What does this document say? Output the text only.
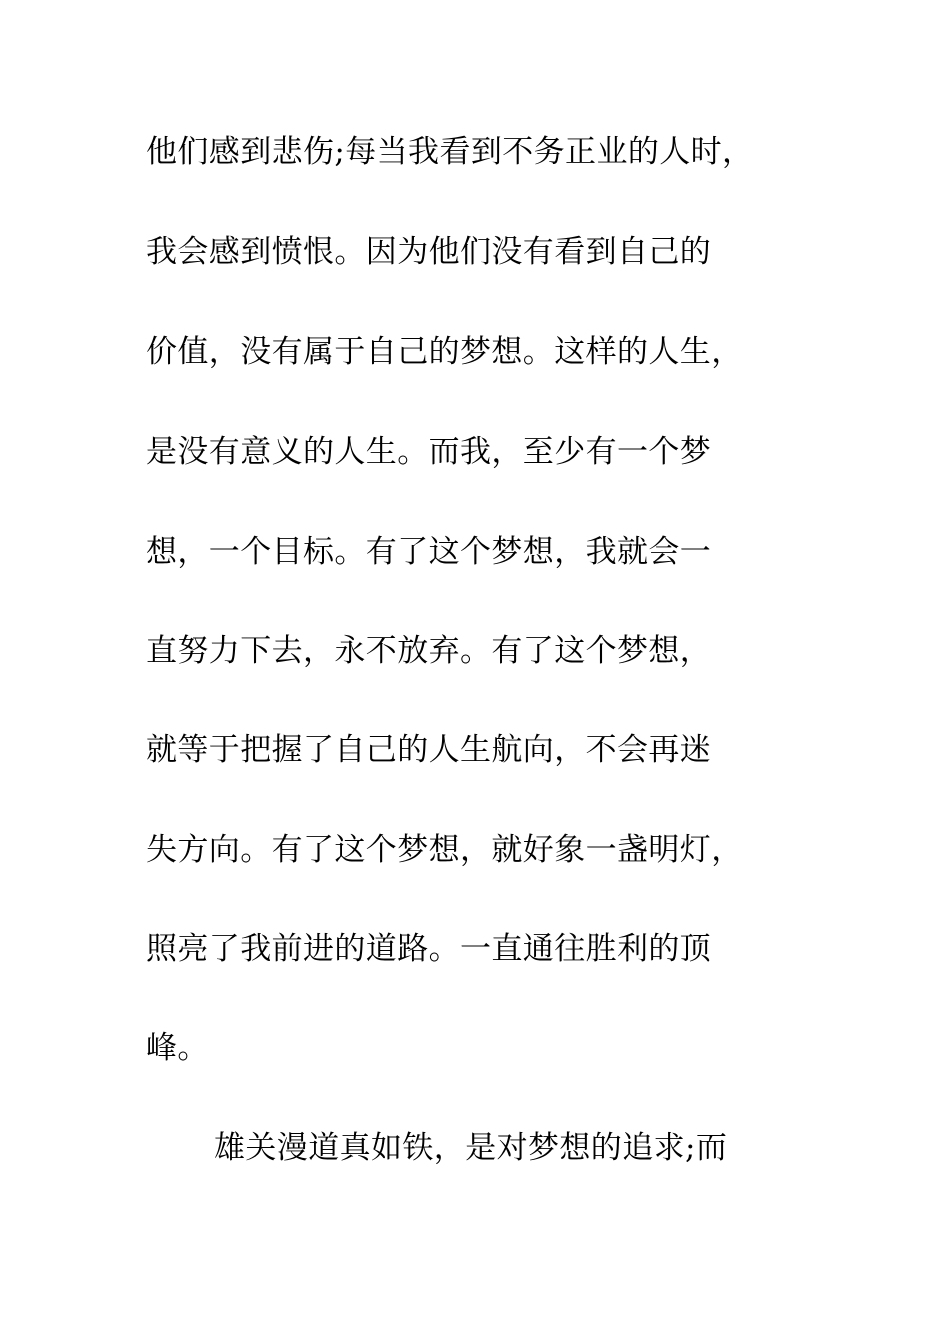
他们感到悲伤;每当我看到不务正业的人时，
我会感到愤恨。因为他们没有看到自己的
价值，没有属于自己的梦想。这样的人生，
是没有意义的人生。而我，至少有一个梦
想，一个目标。有了这个梦想，我就会一
直努力下去，永不放弃。有了这个梦想，
就等于把握了自己的人生航向，不会再迷
失方向。有了这个梦想，就好象一盏明灯，
照亮了我前进的道路。一直通往胜利的顶
峰。
雄关漫道真如铁，是对梦想的追求;而
